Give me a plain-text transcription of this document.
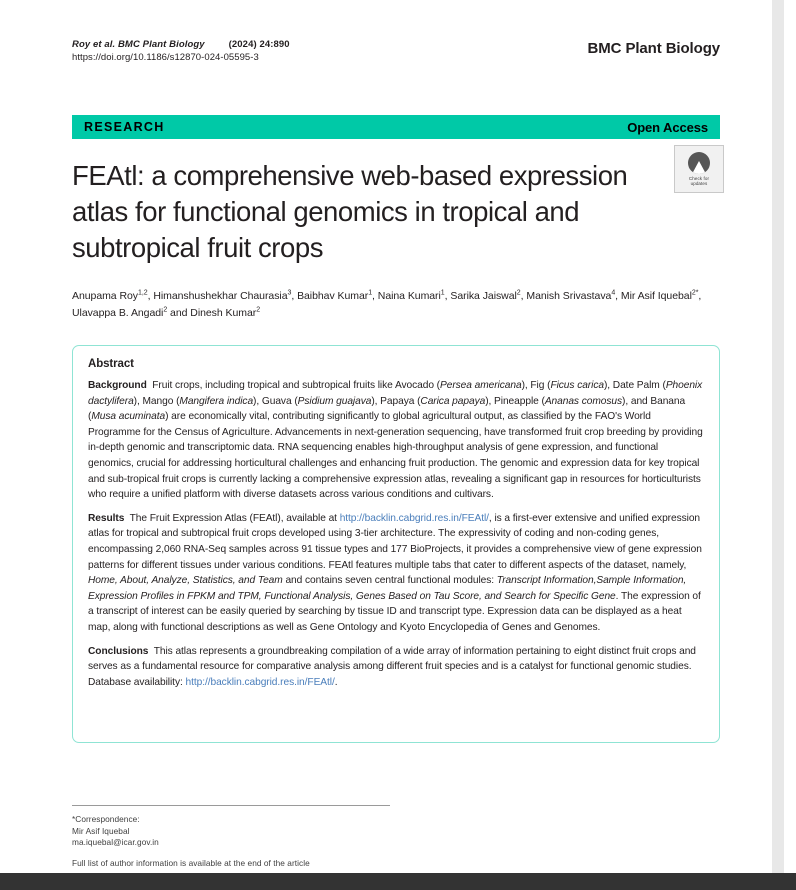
Roy et al. BMC Plant Biology	(2024) 24:890
https://doi.org/10.1186/s12870-024-05595-3
BMC Plant Biology
RESEARCH	Open Access
FEAtl: a comprehensive web-based expression atlas for functional genomics in tropical and subtropical fruit crops
Check for
updates
Anupama Roy$^{1,2}$, Himanshushekhar Chaurasia$^3$, Baibhav Kumar$^1$, Naina Kumari$^1$, Sarika Jaiswal$^2$, Manish Srivastava$^4$, Mir Asif Iquebal$^{2*}$, Ulavappa B. Angadi$^2$ and Dinesh Kumar$^2$
Abstract

Background Fruit crops, including tropical and subtropical fruits like Avocado (Persea americana), Fig (Ficus carica), Date Palm (Phoenix dactylifera), Mango (Mangifera indica), Guava (Psidium guajava), Papaya (Carica papaya), Pineapple (Ananas comosus), and Banana (Musa acuminata) are economically vital, contributing significantly to global agricultural output, as classified by the FAO's World Programme for the Census of Agriculture. Advancements in next-generation sequencing, have transformed fruit crop breeding by providing in-depth genomic and transcriptomic data. RNA sequencing enables high-throughput analysis of gene expression, and functional genomics, crucial for addressing horticultural challenges and enhancing fruit production. The genomic and expression data for key tropical and sub-tropical fruit crops is currently lacking a comprehensive expression atlas, revealing a significant gap in resources for horticulturists who require a unified platform with diverse datasets across various conditions and cultivars.

Results The Fruit Expression Atlas (FEAtl), available at http://backlin.cabgrid.res.in/FEAtl/, is a first-ever extensive and unified expression atlas for tropical and subtropical fruit crops developed using 3-tier architecture. The expressivity of coding and non-coding genes, encompassing 2,060 RNA-Seq samples across 91 tissue types and 177 BioProjects, it provides a comprehensive view of gene expression patterns for different tissues under various conditions. FEAtl features multiple tabs that cater to different aspects of the dataset, namely, Home, About, Analyze, Statistics, and Team and contains seven central functional modules: Transcript Information,Sample Information, Expression Profiles in FPKM and TPM, Functional Analysis, Genes Based on Tau Score, and Search for Specific Gene. The expression of a transcript of interest can be easily queried by searching by tissue ID and transcript type. Expression data can be displayed as a heat map, along with functional descriptions as well as Gene Ontology and Kyoto Encyclopedia of Genes and Genomes.

Conclusions This atlas represents a groundbreaking compilation of a wide array of information pertaining to eight distinct fruit crops and serves as a fundamental resource for comparative analysis among different fruit species and is a catalyst for functional genomic studies. Database availability: http://backlin.cabgrid.res.in/FEAtl/.

*Correspondence:
Mir Asif Iquebal
ma.iquebal@icar.gov.in
Full list of author information is available at the end of the article
